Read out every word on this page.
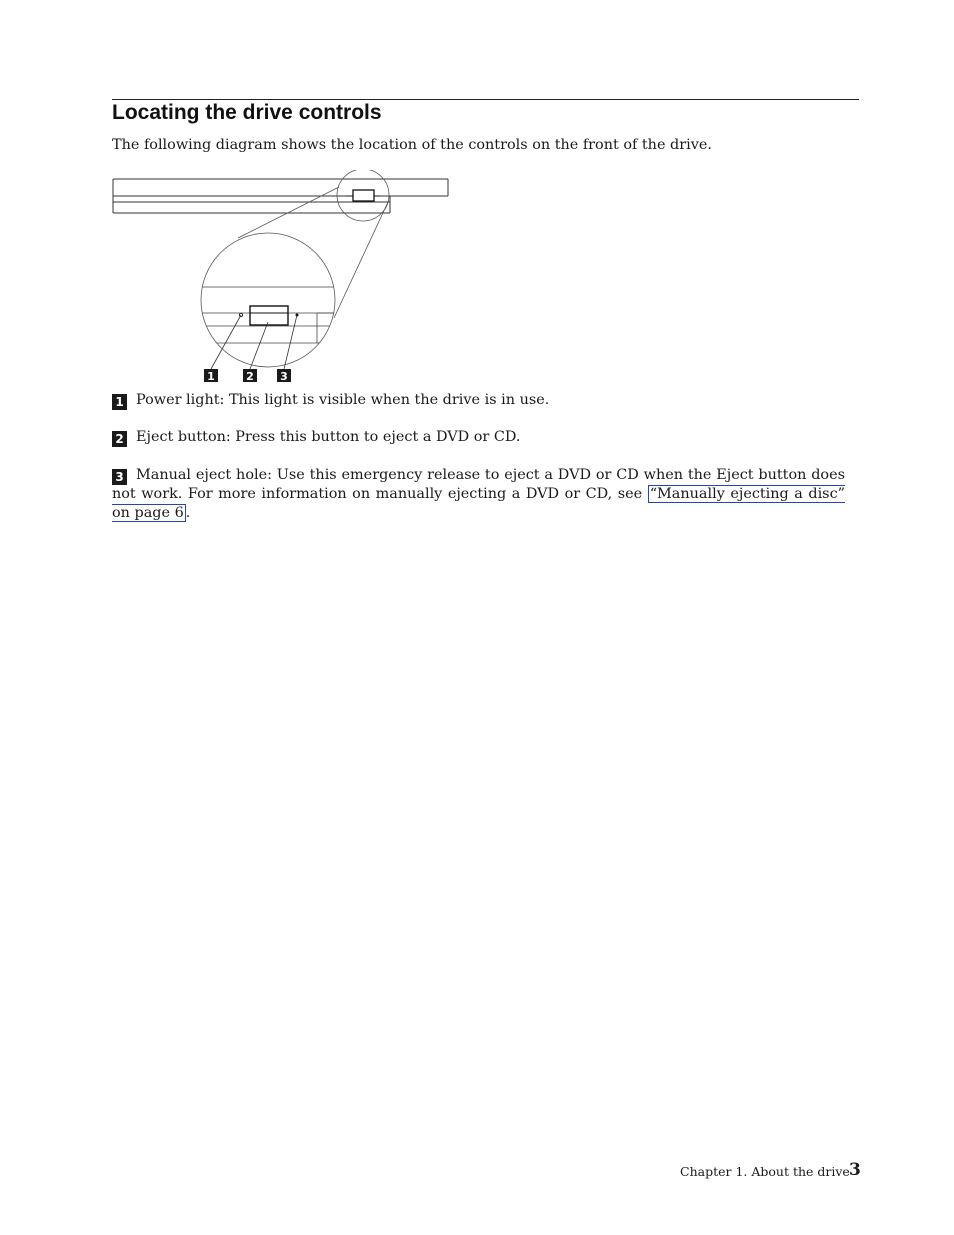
Locating the drive controls

The following diagram shows the location of the controls on the front of the drive.

1	2 3

1 Power light: This light is visible when the drive is in use.

2 Eject button: Press this button to eject a DVD or CD.

3 Manual eject hole: Use this emergency release to eject a DVD or CD when the Eject button does not work. For more information on manually ejecting a DVD or CD, see “Manually ejecting a disc” on page 6 .

Chapter 1. About the drive 3
